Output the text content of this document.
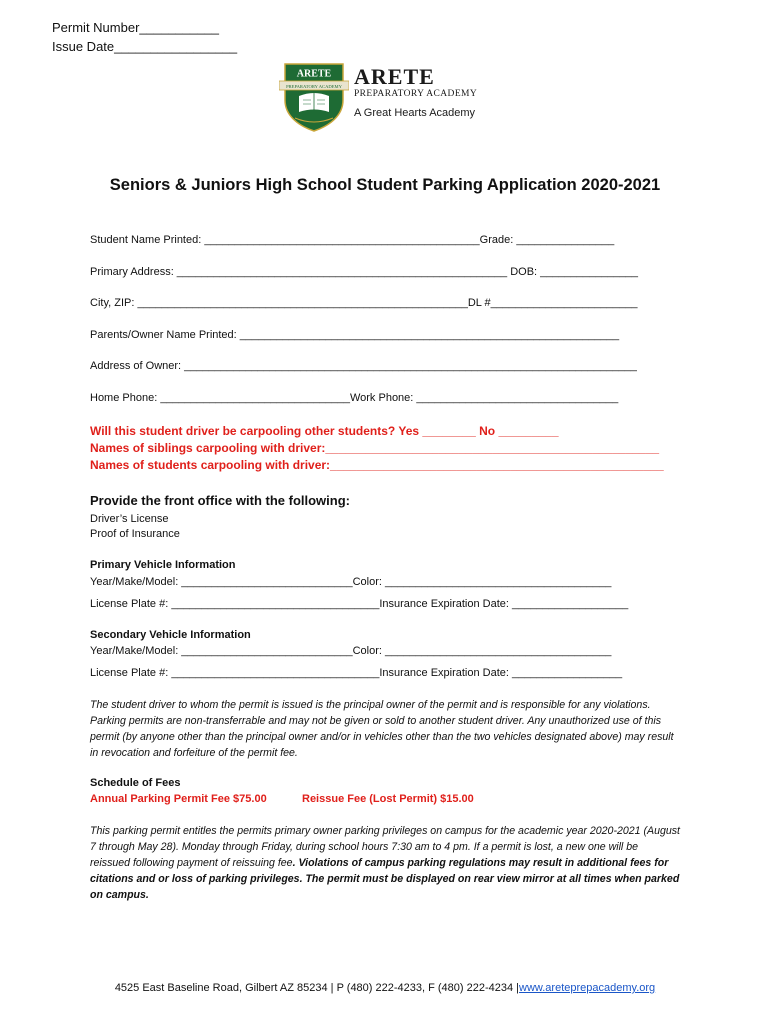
Permit Number___________
Issue Date_________________
ARETE
PREPARATORY ACADEMY ARETE
PREPARATORY ACADEMY
A Great Hearts Academy
Seniors & Juniors High School Student Parking Application 2020-2021
Student Name Printed: _____________________________________________Grade: ________________
Primary Address: ______________________________________________________ DOB: ________________
City, ZIP: ______________________________________________________DL #________________________
Parents/Owner Name Printed: ______________________________________________________________
Address of Owner: __________________________________________________________________________
Home Phone: _______________________________Work Phone: _________________________________
Will this student driver be carpooling other students? Yes ________ No _________
Names of siblings carpooling with driver:__________________________________________________
Names of students carpooling with driver:__________________________________________________
Provide the front office with the following:
Driver’s License
Proof of Insurance
Primary Vehicle Information
Year/Make/Model: ____________________________Color: _____________________________________
License Plate #: __________________________________Insurance Expiration Date: ___________________
Secondary Vehicle Information
Year/Make/Model: ____________________________Color: _____________________________________
License Plate #: __________________________________Insurance Expiration Date: __________________
The student driver to whom the permit is issued is the principal owner of the permit and is responsible for any violations. Parking permits are non-transferrable and may not be given or sold to another student driver. Any unauthorized use of this permit (by anyone other than the principal owner and/or in vehicles other than the two vehicles designated above) may result in revocation and forfeiture of the permit fee.
Schedule of Fees
Annual Parking Permit Fee $75.00	Reissue Fee (Lost Permit) $15.00
This parking permit entitles the permits primary owner parking privileges on campus for the academic year 2020-2021 (August 7 through May 28). Monday through Friday, during school hours 7:30 am to 4 pm. If a permit is lost, a new one will be reissued following payment of reissuing fee. Violations of campus parking regulations may result in additional fees for citations and or loss of parking privileges. The permit must be displayed on rear view mirror at all times when parked on campus.
4525 East Baseline Road, Gilbert AZ 85234 | P (480) 222-4233, F (480) 222-4234 |www.areteprepacademy.org
